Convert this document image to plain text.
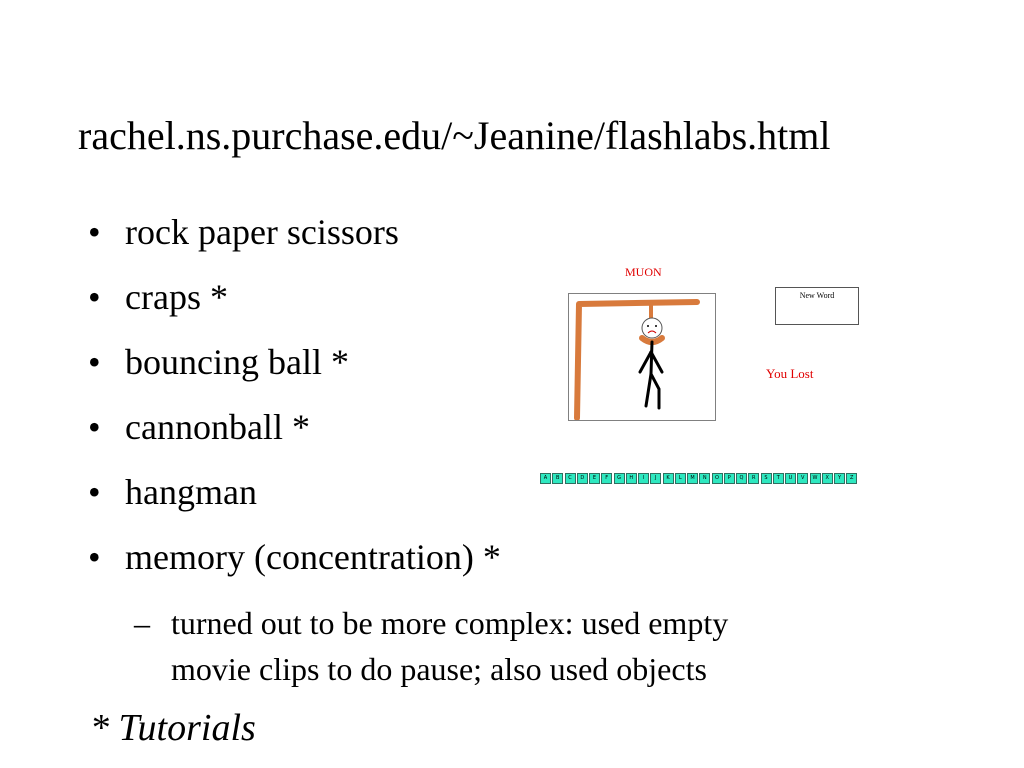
rachel.ns.purchase.edu/~Jeanine/flashlabs.html
• rock paper scissors
• craps *
• bouncing ball *
• cannonball *
• hangman
• memory (concentration) *
– turned out to be more complex: used empty
movie clips to do pause; also used objects
* Tutorials
MUON
New Word
You Lost
A	B	C	D	E	F	G	H	I	J	K	L	M	N	O	P	Q	R	S	T	U	V	W	X	Y	Z
